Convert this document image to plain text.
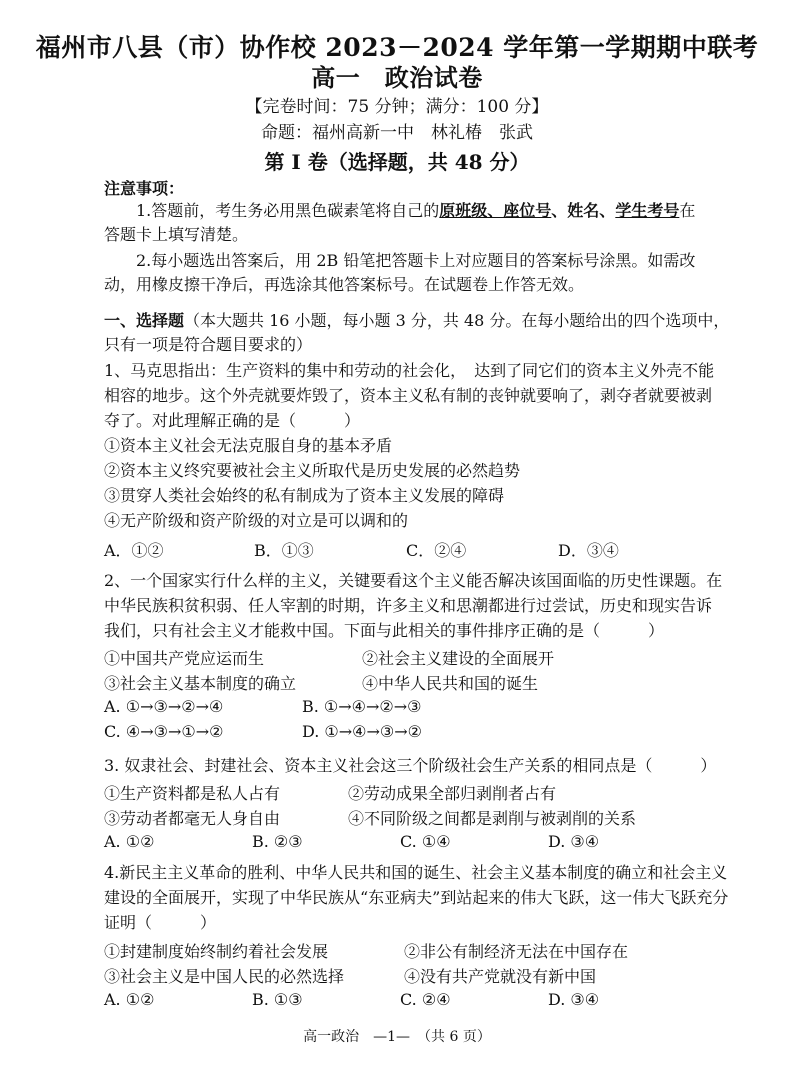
福州市八县（市）协作校 2023－2024 学年第一学期期中联考
高一　政治试卷
【完卷时间：75 分钟；满分：100 分】
命题：福州高新一中　林礼椿　张武
第 I 卷（选择题，共 48 分）
注意事项：
1.答题前，考生务必用黑色碳素笔将自己的原班级、座位号、姓名、学生考号在
答题卡上填写清楚。
2.每小题选出答案后，用 2B 铅笔把答题卡上对应题目的答案标号涂黑。如需改
动，用橡皮擦干净后，再选涂其他答案标号。在试题卷上作答无效。
一、选择题（本大题共 16 小题，每小题 3 分，共 48 分。在每小题给出的四个选项中，
只有一项是符合题目要求的）
1、马克思指出：生产资料的集中和劳动的社会化，　达到了同它们的资本主义外壳不能
相容的地步。这个外壳就要炸毁了，资本主义私有制的丧钟就要响了，剥夺者就要被剥
夺了。对此理解正确的是（　　　）
①资本主义社会无法克服自身的基本矛盾
②资本主义终究要被社会主义所取代是历史发展的必然趋势
③贯穿人类社会始终的私有制成为了资本主义发展的障碍
④无产阶级和资产阶级的对立是可以调和的
A．①②	B．①③	C．②④	D．③④
2、一个国家实行什么样的主义，关键要看这个主义能否解决该国面临的历史性课题。在
中华民族积贫积弱、任人宰割的时期，许多主义和思潮都进行过尝试，历史和现实告诉
我们，只有社会主义才能救中国。下面与此相关的事件排序正确的是（　　　）
①中国共产党应运而生	②社会主义建设的全面展开
③社会主义基本制度的确立	④中华人民共和国的诞生
A. ①→③→②→④	B. ①→④→②→③
C. ④→③→①→②	D. ①→④→③→②
3. 奴隶社会、封建社会、资本主义社会这三个阶级社会生产关系的相同点是（　　　）
①生产资料都是私人占有	②劳动成果全部归剥削者占有
③劳动者都毫无人身自由	④不同阶级之间都是剥削与被剥削的关系
A. ①②	B. ②③	C. ①④	D. ③④
4.新民主主义革命的胜利、中华人民共和国的诞生、社会主义基本制度的确立和社会主义
建设的全面展开，实现了中华民族从“东亚病夫”到站起来的伟大飞跃，这一伟大飞跃充分
证明（　　　）
①封建制度始终制约着社会发展	②非公有制经济无法在中国存在
③社会主义是中国人民的必然选择	④没有共产党就没有新中国
A. ①②	B. ①③	C. ②④	D. ③④
高一政治　—1—　（共 6 页）
